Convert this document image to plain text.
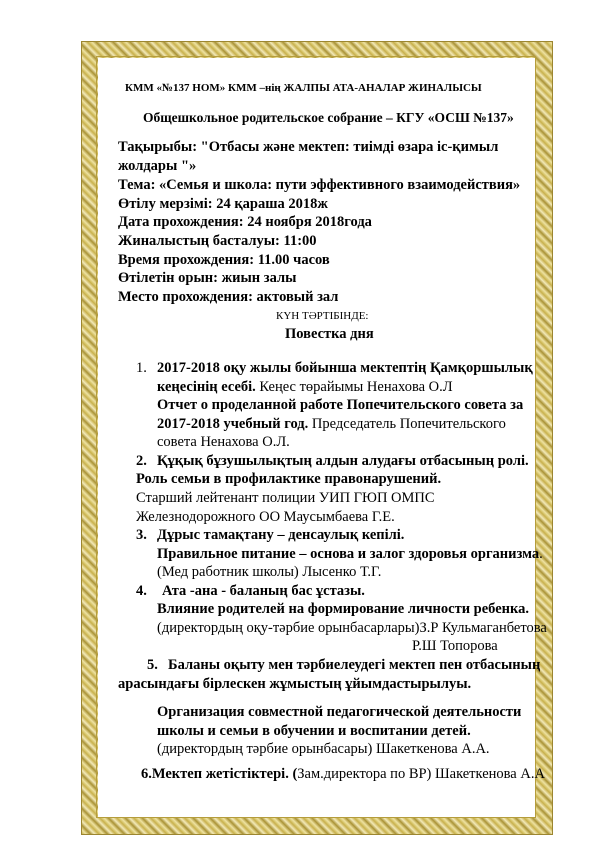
КММ «№137 НОМ» КММ –нің ЖАЛПЫ АТА-АНАЛАР ЖИНАЛЫСЫ
Общешкольное родительское собрание – КГУ «ОСШ №137»
Тақырыбы: "Отбасы және мектеп: тиімді өзара іс-қимыл
жолдары "»
Тема: «Семья и школа: пути эффективного взаимодействия»
Өтілу мерзімі: 24 қараша 2018ж
Дата прохождения: 24 ноября 2018года
Жиналыстың басталуы: 11:00
Время прохождения: 11.00 часов
Өтілетін орын: жиын залы
Место прохождения: актовый зал
КҮН ТӘРТІБІНДЕ:
Повестка дня
1. 2017-2018 оқу жылы бойынша мектептің Қамқоршылық
кеңесінің есебі. Кеңес төрайымы Ненахова О.Л
Отчет о проделанной работе Попечительского совета за
2017-2018 учебный год. Председатель Попечительского
совета Ненахова О.Л.
2. Құқық бұзушылықтың алдын алудағы отбасының ролі.
Роль семьи в профилактике правонарушений.
Старший лейтенант полиции УИП ГЮП ОМПС
Железнодорожного ОО Маусымбаева Г.Е.
3. Дұрыс тамақтану – денсаулық кепілі.
Правильное питание – основа и залог здоровья организма.
(Мед работник школы) Лысенко Т.Г.
4. Ата -ана - баланың бас ұстазы.
Влияние родителей на формирование личности ребенка.
(директордың оқу-тәрбие орынбасарлары)З.Р Кульмаганбетова
Р.Ш Топорова
5. Баланы оқыту мен тәрбиелеудегі мектеп пен отбасының
арасындағы бірлескен жұмыстың ұйымдастырылуы.
Организация совместной педагогической деятельности
школы и семьи в обучении и воспитании детей.
(директордың тәрбие орынбасары) Шакеткенова А.А.
6.Мектеп жетістіктері. (Зам.директора по ВР) Шакеткенова А.А
